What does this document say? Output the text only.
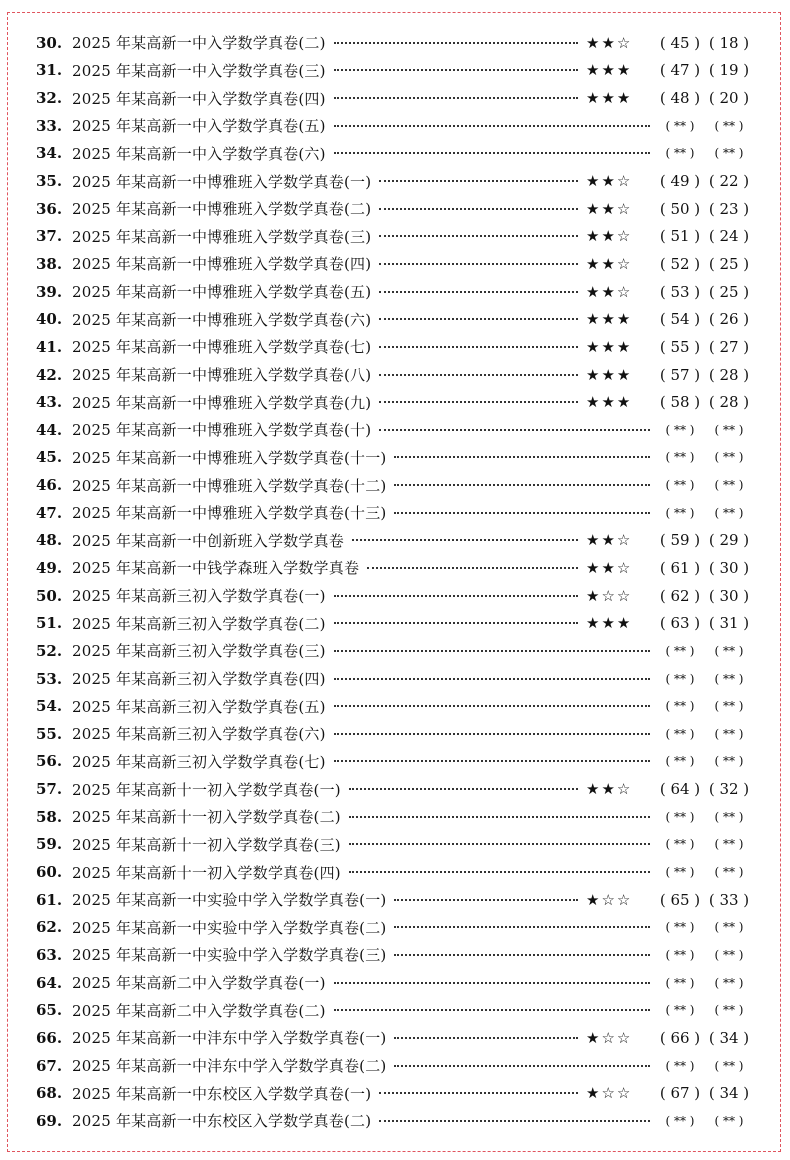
30. 2025 年某高新一中入学数学真卷(二)	★★☆ ( 45 ) ( 18 )
31. 2025 年某高新一中入学数学真卷(三)	★★★ ( 47 ) ( 19 )
32. 2025 年某高新一中入学数学真卷(四)	★★★ ( 48 ) ( 20 )
33. 2025 年某高新一中入学数学真卷(五)	( ** )	( ** )
34. 2025 年某高新一中入学数学真卷(六)	( ** )	( ** )
35. 2025 年某高新一中博雅班入学数学真卷(一)	★★☆ ( 49 ) ( 22 )
36. 2025 年某高新一中博雅班入学数学真卷(二)	★★☆ ( 50 ) ( 23 )
37. 2025 年某高新一中博雅班入学数学真卷(三)	★★☆ ( 51 ) ( 24 )
38. 2025 年某高新一中博雅班入学数学真卷(四)	★★☆ ( 52 ) ( 25 )
39. 2025 年某高新一中博雅班入学数学真卷(五)	★★☆ ( 53 ) ( 25 )
40. 2025 年某高新一中博雅班入学数学真卷(六)	★★★ ( 54 ) ( 26 )
41. 2025 年某高新一中博雅班入学数学真卷(七)	★★★ ( 55 ) ( 27 )
42. 2025 年某高新一中博雅班入学数学真卷(八)	★★★ ( 57 ) ( 28 )
43. 2025 年某高新一中博雅班入学数学真卷(九)	★★★ ( 58 ) ( 28 )
44. 2025 年某高新一中博雅班入学数学真卷(十)	( ** )	( ** )
45. 2025 年某高新一中博雅班入学数学真卷(十一)	( ** )	( ** )
46. 2025 年某高新一中博雅班入学数学真卷(十二)	( ** )	( ** )
47. 2025 年某高新一中博雅班入学数学真卷(十三)	( ** )	( ** )
48. 2025 年某高新一中创新班入学数学真卷	★★☆ ( 59 ) ( 29 )
49. 2025 年某高新一中钱学森班入学数学真卷	★★☆ ( 61 ) ( 30 )
50. 2025 年某高新三初入学数学真卷(一)	★☆☆ ( 62 ) ( 30 )
51. 2025 年某高新三初入学数学真卷(二)	★★★ ( 63 ) ( 31 )
52. 2025 年某高新三初入学数学真卷(三)	( ** )	( ** )
53. 2025 年某高新三初入学数学真卷(四)	( ** )	( ** )
54. 2025 年某高新三初入学数学真卷(五)	( ** )	( ** )
55. 2025 年某高新三初入学数学真卷(六)	( ** )	( ** )
56. 2025 年某高新三初入学数学真卷(七)	( ** )	( ** )
57. 2025 年某高新十一初入学数学真卷(一)	★★☆ ( 64 ) ( 32 )
58. 2025 年某高新十一初入学数学真卷(二)	( ** )	( ** )
59. 2025 年某高新十一初入学数学真卷(三)	( ** )	( ** )
60. 2025 年某高新十一初入学数学真卷(四)	( ** )	( ** )
61. 2025 年某高新一中实验中学入学数学真卷(一)	★☆☆ ( 65 ) ( 33 )
62. 2025 年某高新一中实验中学入学数学真卷(二)	( ** )	( ** )
63. 2025 年某高新一中实验中学入学数学真卷(三)	( ** )	( ** )
64. 2025 年某高新二中入学数学真卷(一)	( ** )	( ** )
65. 2025 年某高新二中入学数学真卷(二)	( ** )	( ** )
66. 2025 年某高新一中沣东中学入学数学真卷(一)	★☆☆ ( 66 ) ( 34 )
67. 2025 年某高新一中沣东中学入学数学真卷(二)	( ** )	( ** )
68. 2025 年某高新一中东校区入学数学真卷(一)	★☆☆ ( 67 ) ( 34 )
69. 2025 年某高新一中东校区入学数学真卷(二)	( ** )	( ** )
